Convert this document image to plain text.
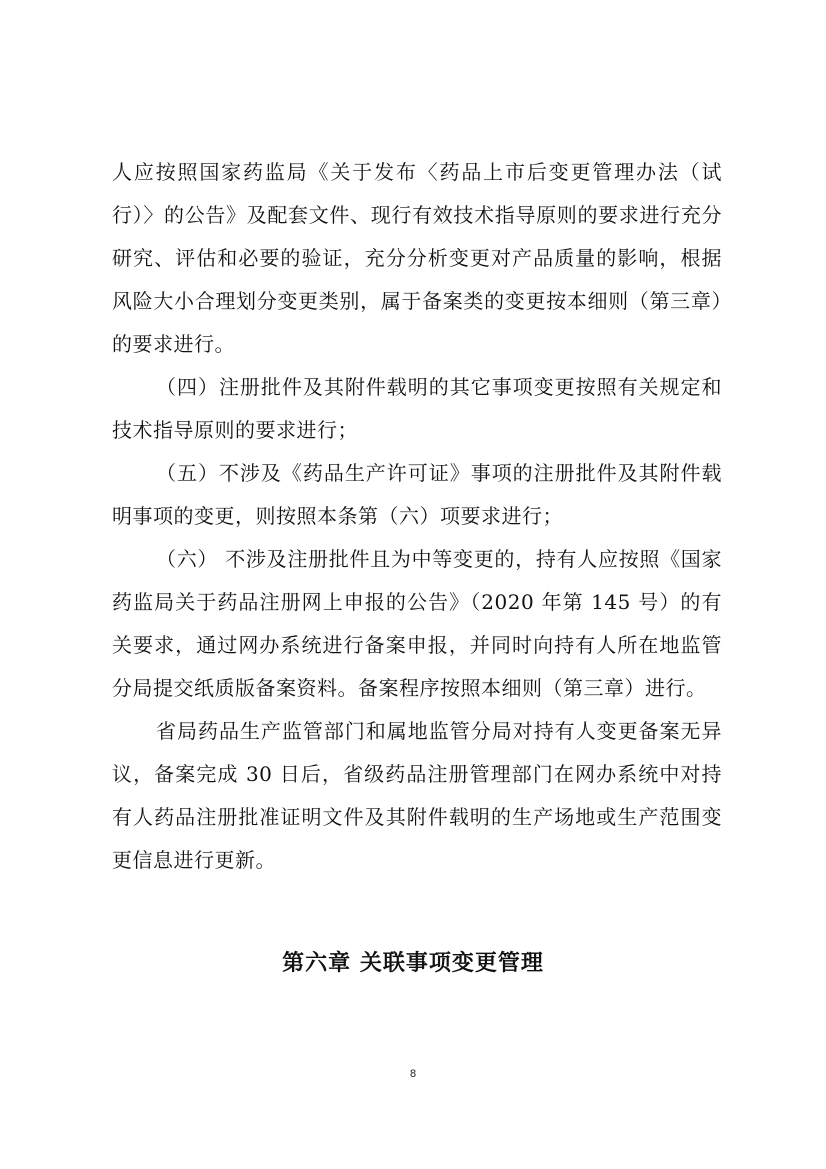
人应按照国家药监局《关于发布〈药品上市后变更管理办法（试行）〉的公告》及配套文件、现行有效技术指导原则的要求进行充分研究、评估和必要的验证，充分分析变更对产品质量的影响，根据风险大小合理划分变更类别，属于备案类的变更按本细则（第三章）的要求进行。

（四）注册批件及其附件载明的其它事项变更按照有关规定和技术指导原则的要求进行；

（五）不涉及《药品生产许可证》事项的注册批件及其附件载明事项的变更，则按照本条第（六）项要求进行；

（六） 不涉及注册批件且为中等变更的，持有人应按照《国家药监局关于药品注册网上申报的公告》（2020 年第 145 号）的有关要求，通过网办系统进行备案申报，并同时向持有人所在地监管分局提交纸质版备案资料。备案程序按照本细则（第三章）进行。

省局药品生产监管部门和属地监管分局对持有人变更备案无异议，备案完成 30 日后，省级药品注册管理部门在网办系统中对持有人药品注册批准证明文件及其附件载明的生产场地或生产范围变更信息进行更新。

第六章 关联事项变更管理
8
